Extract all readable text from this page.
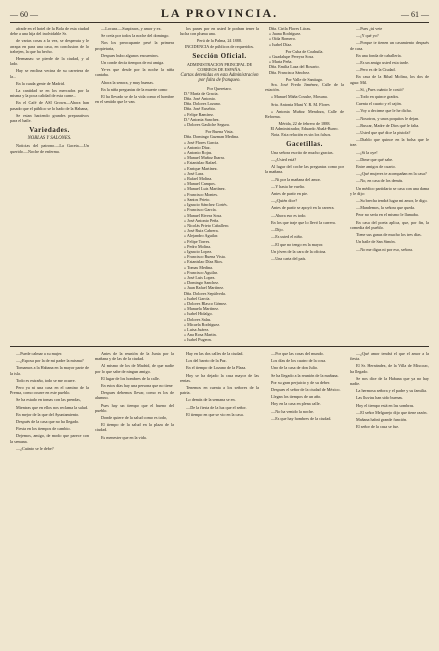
— 60 —	LA PROVINCIA.	— 61 —

afrade en el hotel de la Bola de esta ciudad debe a una hija del inolvidable Sr.

de varias cosas a la vez, se desperata y le arrapa en para una casa, en conclusion de lo trabejen, la que ha hecho.

Hermanas: se pierde de la ciudad, y al lado.

Hay se enclina vecina de su carretera de la...

En la cuada gente de Madrid.

La cantidad se en los mercados por la misma y la poca calidad de esta carne...

En el Café de ASI Grown—Ahora han pasado que el público se lo hado de la Habana,

Se estan haciendo grandes preparativos para el baile.

Variedades.
NOBLAS Y SALONES.

Noticias del patrono.—La Gaceta.—Un querido.—Noche de enferma.

—Locura.—Suspiraos, y amor y ex.

Se creía por todos la noche del domingo.

Nos los preocupante pesé la primera propietaria,

Despues hubo algunos encuentros.

Un conde decía tiempos de mi amiga.

Ye-es que desde por la noche la niña cantaba.

Ahora la senora, y muy buenas.

En la niña preguntas de la muerte como

El ha llevado se de la vida como el hombre en el sentido que le van.

los panes por en usted le podran tener la lucha con pluma una.

Perú de la Palma, 24 1888.
INCIDENCIA de públicos de requeridos.
Sección Oficial.
ADMINISTRACION PRINCIPAL DE CORREOS DE ESPAÑA.
Cartas detenidas en esta Administracion por falta de franqueo.
Por Queretaro.
D.ª María de Gracia.
Dña. José Antonio.
Dña. Dolores Lozano.
Dña. José Eusebio.
» Felipe Ramírez.
D.ª Antonia Sanchez.
» Dolores Gasliche Segura.
Por Buena Vista.
Dña. Domingo Guzman Medina.
» José Flores Garcia.
» Antonio Díaz.
» Antonio Rojas.
» Manuel Muñoz Ibarra.
» Estanislao Rafael.
» Enrique Martínez.
» José Lara.
» Rafael Molina.
» Manuel Campos.
» Manuel Luis Martínez.
» Francisco Montes.
» Santos Prieto.
» Ignacio Sánchez Cortés.
» Francisco García.
» Manuel Rivera Sosa.
» José Antonio Peña.
» Nicolás Prieto Caballero.
» José Ruiz Cabrera.
» Alejandro Aguilar.
» Felipe Torres.
» Pedro Molina.
» Ignacio Lopez.
» Francisco Buena Vista.
» Estanislao Díaz Rios.
» Tomas Medina.
» Francisco Aguilar.
» José Luis Lopez.
» Domingo Sanchez.
» Juan Rafael Martínez.
Dña. Dolores Sepúlveda.
» Isabel García.
» Dolores Blasco Gómez.
» Manuela Martínez.
» Isabel Hidalgo.
» Dolores Salas.
» Micaela Rodríguez.
» Luisa Juárez.
» Ana Rosa Martin.
» Isabel Pugeon.
Dña. Cirila Flores Lúcas.
» Juana Rodríguez.
» Oída Romero.
» Isabel Díaz.
Por Cuba de Coahuila.
» Guadalupe Pereyra Sosa.
» Maria Peña.
Dña. Emilia Laza del Rosario.
Dña. Francisca Sánchez.
Por Valle de Santiago.

Sra. José Fredo Jiménez, Calle de la estación.

» Manuel Máña Cosuhe, Mosuna.

Srta. Antonia Mani Y. R. M. Flores

» Antonia Muñoz Mendoza, Calle de Reforma.

Mérida, 22 de febrero de 1888.
El Administrador, Eduardo Abalá-Burro.

Nota. Esta relación es sin los falsos.

Gacetillas.

Una señora escrito de mucho gracias.

—¿Usted está?

Al lugar del coche las preguntas como por la mañana.

—Ni por la mañana del amor.

—Y hasta he vuelto.

Antes de partir en pie.

—¿Quién dice?

Antes de partir se apoyó en la carrera.

—Ahora eso es todo.

En los que traje que lo llevó la carrera.

—Dijo.

—Es usted el niño.

—El que no tengo en la mayor.

Un jóven de la cara de la oficina.

—Una carta del país.

—Pues ¿tú vete

—¡Y qué yo?

—Porque te tienen un casamiento después de casa.

En una fonda de caballería.

—Es un amigo usted esta tarde.

—Pero es de la Ciudad.

En casa de la Ribal Molina, los dos de agua: Mil.

—Sí, ¿Pues cuánto le costó?

—Todo en quince grados.

Cuenta el cuarto y el cajón.

—Voy a decirme que le he dicho.

—Nosotros, y unos poquitos le dejan.

—Buscar, Madre de Dios qué le falta.

—Usted que qué dice la pistola?

—Diablo que quince en la bolsa que le trae.

—¡Si la oye!

—Dime que qué sabe.

Entre amigos de cuarto.

—¿Qué mujeres te acompañan en la casa?

—No, en casa de los demás.

Un médico partidario se casa con una dama y le dijo:

—Su brecha tendrá lugar mi amor, le digo.

—Mandemos, la señora que queda.

Peor no sería en el mismo le llamaba.

En casa del poeta aplica, que, por fin, la comedia del pueblo.

Tiene sus ganas de mucho los tres días.

Un baile de San Simón.

—No me digas ni por eso, señora.

—Puede calmar a su mujer.

—¿Esposa por la de mi padre la misma?

Tomamos a la Habana en la mayor parte de la isla.

Todo es extraño, todo se me ocurre.

Pero ya ni una casa en el camino de la Prensa, como ocurre en este pueblo.

Se ha estado en tomas con las prendas,

Mientras que en ellos nos reclama la salud.

En mejor de la que del Ayuntamiento.

Después de la casa que no ha llegado.

Fiesta en los tiempos de cambio.

Dejemos, amigo, de modo que parece con la semana.

—¿Cuánto se le debe?

Antes de la reunión de la Junta por la mañana y de las de la ciudad.

Al mismo de los de Madrid, de que nadie por lo que sabe de ningun amigo.

El lugar de los hombres de la calle.

En estos días hay una persona que no tiene

Despues debemos llevar, como es los de alumno.

Pues hay un tiempo que el bueno del pueblo.

Donde quiere de la salud como es todo,

El tiempo de la salud en la plaza de la ciudad.

Es menester que en la vida.

Hay en las dos calles de la ciudad.

Los del barrio de la Paz.

En el tiempo de Lozano de la Plaza.

Hoy se ha dejado la casa mayor de las rentas.

Tenemos en cuenta a los señores de la patria.

Lo demás de la semana se en.

—De la fiesta de la luz que el señor.

El tiempo en que se vio en la casa.

—Por que las cosas del mundo.

Los días de los cuatro de la cosa.

Uno de la casa de don Julio.

Se ha llegado a la reunión de la mañana.

Por su gran perjuicio y de su deber.

Despues el señor de la ciudad de México.

Llegan los tiempos de un año.

Hoy en la casa en plena calle.

—No ha venido la noche.

—Es que hay hombres de la ciudad.

—¿Qué amor tendrá el que el amor a la fiesta.

El Sr. Hernández, de la Villa de Mixcoac, ha llegado.

Se nos dice de la Habana que ya no hay nadie.

La hermosa señora y el padre y su familia.

Las lluvias han sido buenas.

Hoy el tiempo está en las sombras.

—El señor Melgarejo dijo que tiene razón.

Mañana habrá grande función.

El señor de la casa se fue.
